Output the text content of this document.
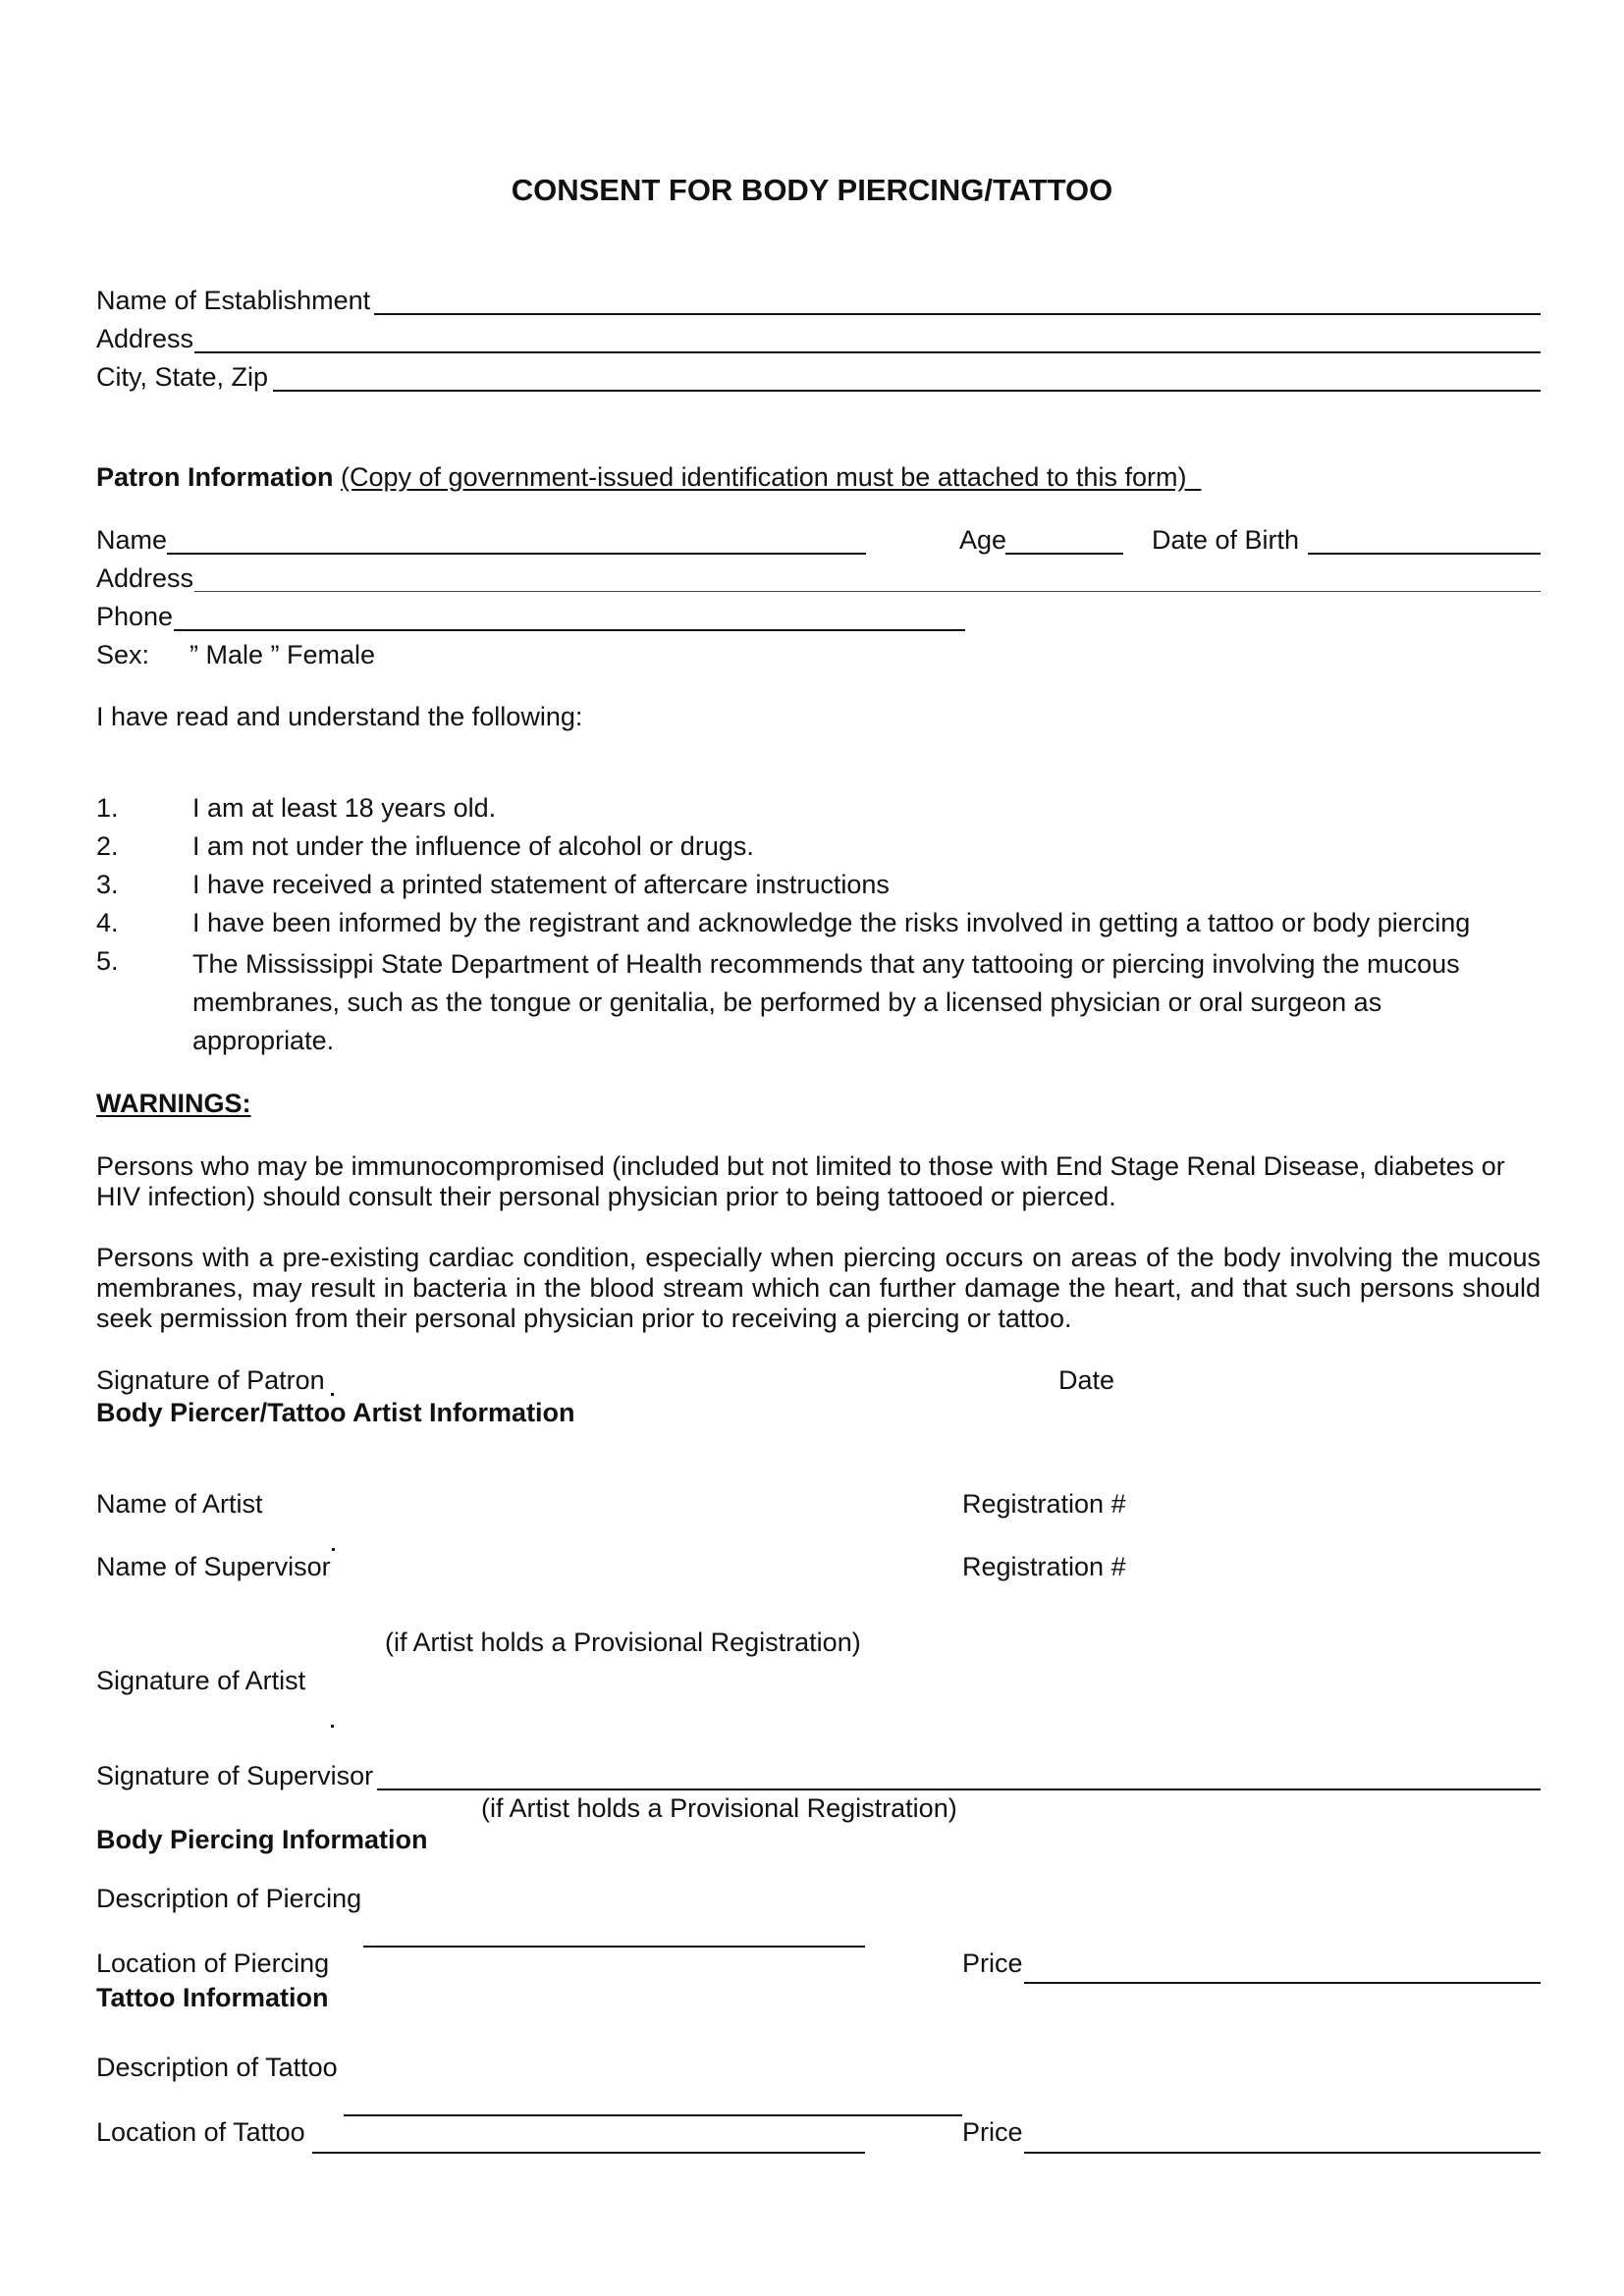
CONSENT FOR BODY PIERCING/TATTOO
Name of Establishment
Address
City, State, Zip
Patron Information (Copy of government-issued identification must be attached to this form)
Name	Age	Date of Birth
Address
Phone
Sex: ” Male ” Female
I have read and understand the following:
1.	I am at least 18 years old.
2.	I am not under the influence of alcohol or drugs.
3.	I have received a printed statement of aftercare instructions
4.	I have been informed by the registrant and acknowledge the risks involved in getting a tattoo or body piercing
5.	The Mississippi State Department of Health recommends that any tattooing or piercing involving the mucous membranes, such as the tongue or genitalia, be performed by a licensed physician or oral surgeon as appropriate.
WARNINGS:
Persons who may be immunocompromised (included but not limited to those with End Stage Renal Disease, diabetes or HIV infection) should consult their personal physician prior to being tattooed or pierced.
Persons with a pre-existing cardiac condition, especially when piercing occurs on areas of the body involving the mucous membranes, may result in bacteria in the blood stream which can further damage the heart, and that such persons should seek permission from their personal physician prior to receiving a piercing or tattoo.
Signature of Patron	Date
Body Piercer/Tattoo Artist Information
Name of Artist	Registration #
Name of Supervisor	Registration #
(if Artist holds a Provisional Registration)
Signature of Artist
Signature of Supervisor
(if Artist holds a Provisional Registration)
Body Piercing Information
Description of Piercing
Location of Piercing	Price
Tattoo Information
Description of Tattoo
Location of Tattoo	Price
